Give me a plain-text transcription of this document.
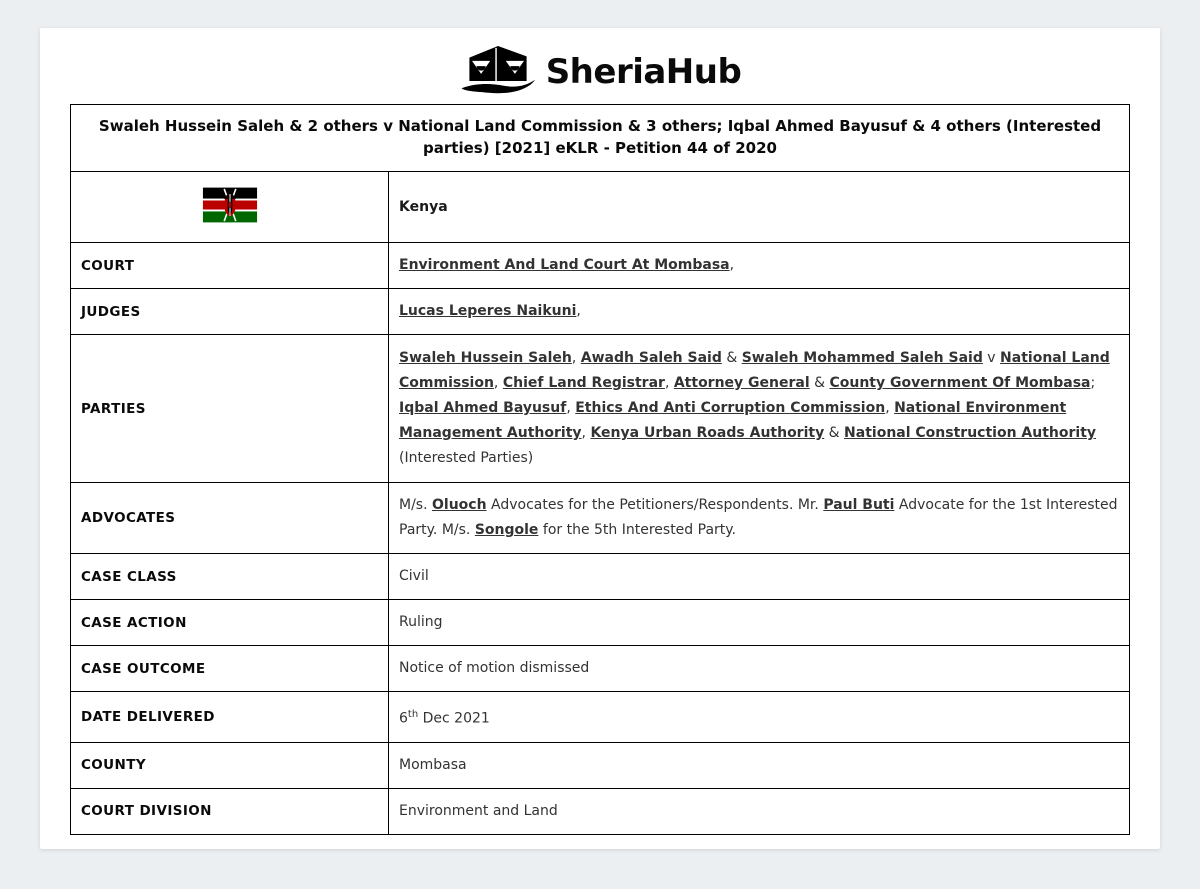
SheriaHub
Swaleh Hussein Saleh & 2 others v National Land Commission & 3 others; Iqbal Ahmed Bayusuf & 4 others (Interested parties) [2021] eKLR - Petition 44 of 2020	
	Kenya
COURT	Environment And Land Court At Mombasa,
JUDGES	Lucas Leperes Naikuni,
PARTIES	Swaleh Hussein Saleh, Awadh Saleh Said & Swaleh Mohammed Saleh Said v National Land Commission, Chief Land Registrar, Attorney General & County Government Of Mombasa; Iqbal Ahmed Bayusuf, Ethics And Anti Corruption Commission, National Environment Management Authority, Kenya Urban Roads Authority & National Construction Authority (Interested Parties)
ADVOCATES	M/s. Oluoch Advocates for the Petitioners/Respondents. Mr. Paul Buti Advocate for the 1st Interested Party. M/s. Songole for the 5th Interested Party.
CASE CLASS	Civil
CASE ACTION	Ruling
CASE OUTCOME	Notice of motion dismissed
DATE DELIVERED	6th Dec 2021
COUNTY	Mombasa
COURT DIVISION	Environment and Land
